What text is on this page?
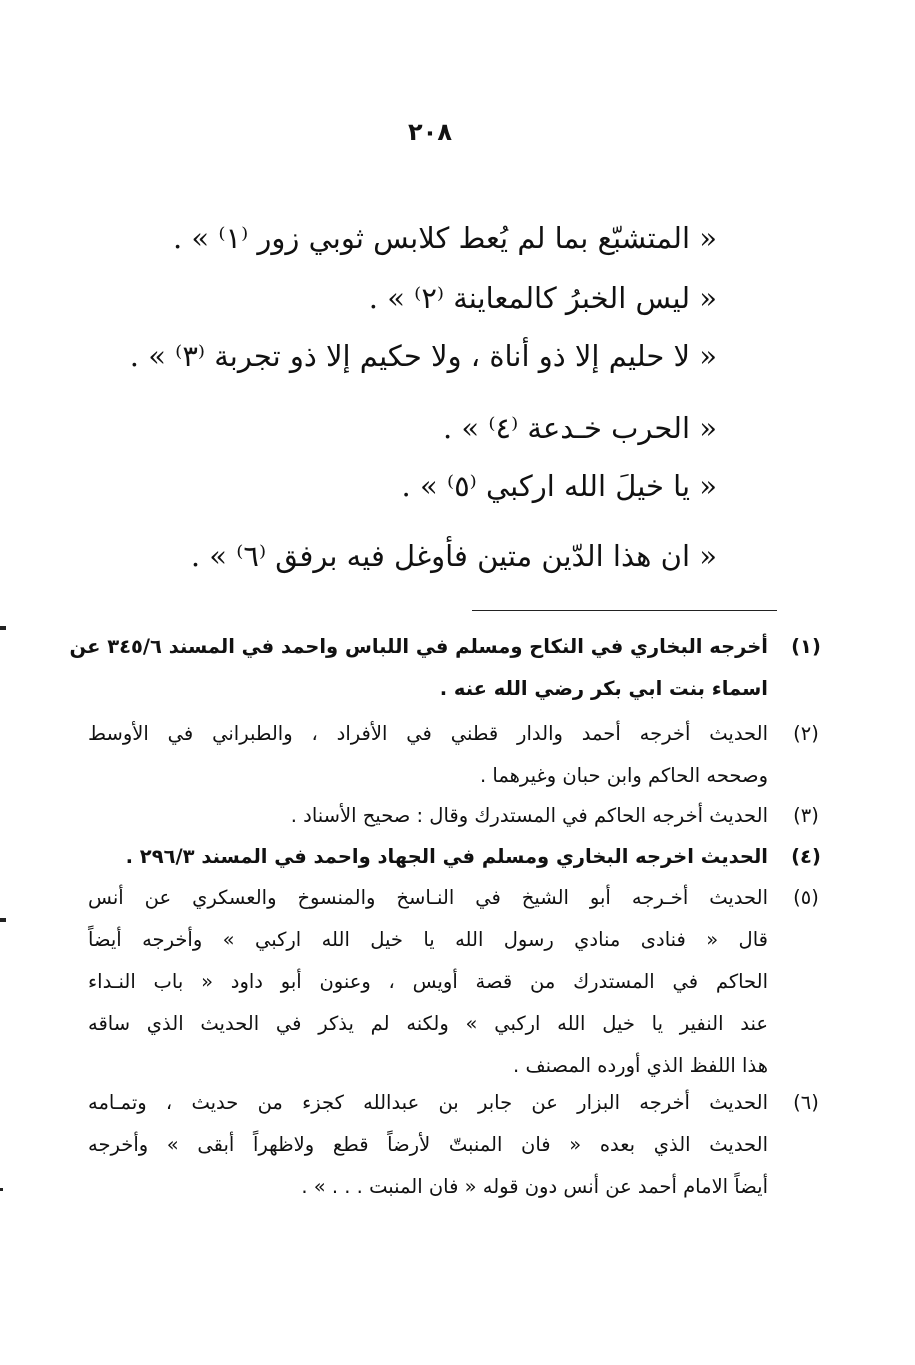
٢٠٨
« المتشبّع بما لم يُعط كلابس ثوبي زور ⁽١⁾ » .
« ليس الخبرُ كالمعاينة ⁽٢⁾ » .
« لا حليم إلا ذو أناة ، ولا حكيم إلا ذو تجربة ⁽٣⁾ » .
« الحرب خـدعة ⁽٤⁾ » .
« يا خيلَ الله اركبي ⁽٥⁾ » .
« ان هذا الدّين متين فأوغل فيه برفق ⁽٦⁾ » .
(١)
أخرجه البخاري في النكاح ومسلم في اللباس واحمد في المسند ٣٤٥/٦ عن
اسماء بنت ابي بكر رضي الله عنه .
(٢)
الحديث أخرجه أحمد والدار قطني في الأفراد ، والطبراني في الأوسط
وصححه الحاكم وابن حبان وغيرهما .
(٣)
الحديث أخرجه الحاكم في المستدرك وقال : صحيح الأسناد .
(٤)
الحديث اخرجه البخاري ومسلم في الجهاد واحمد في المسند ٢٩٦/٣ .
(٥)
الحديث أخـرجه أبو الشيخ في النـاسخ والمنسوخ والعسكري عن أنس
قال « فنادى منادي رسول الله يا خيل الله اركبي » وأخرجه أيضاً
الحاكم في المستدرك من قصة أويس ، وعنون أبو داود « باب النـداء
عند النفير يا خيل الله اركبي » ولكنه لم يذكر في الحديث الذي ساقه
هذا اللفظ الذي أورده المصنف .
(٦)
الحديث أخرجه البزار عن جابر بن عبدالله كجزء من حديث ، وتمـامه
الحديث الذي بعده « فان المنبتّ لأرضاً قطع ولاظهراً أبقى » وأخرجه
أيضاً الامام أحمد عن أنس دون قوله « فان المنبت . . . » .
